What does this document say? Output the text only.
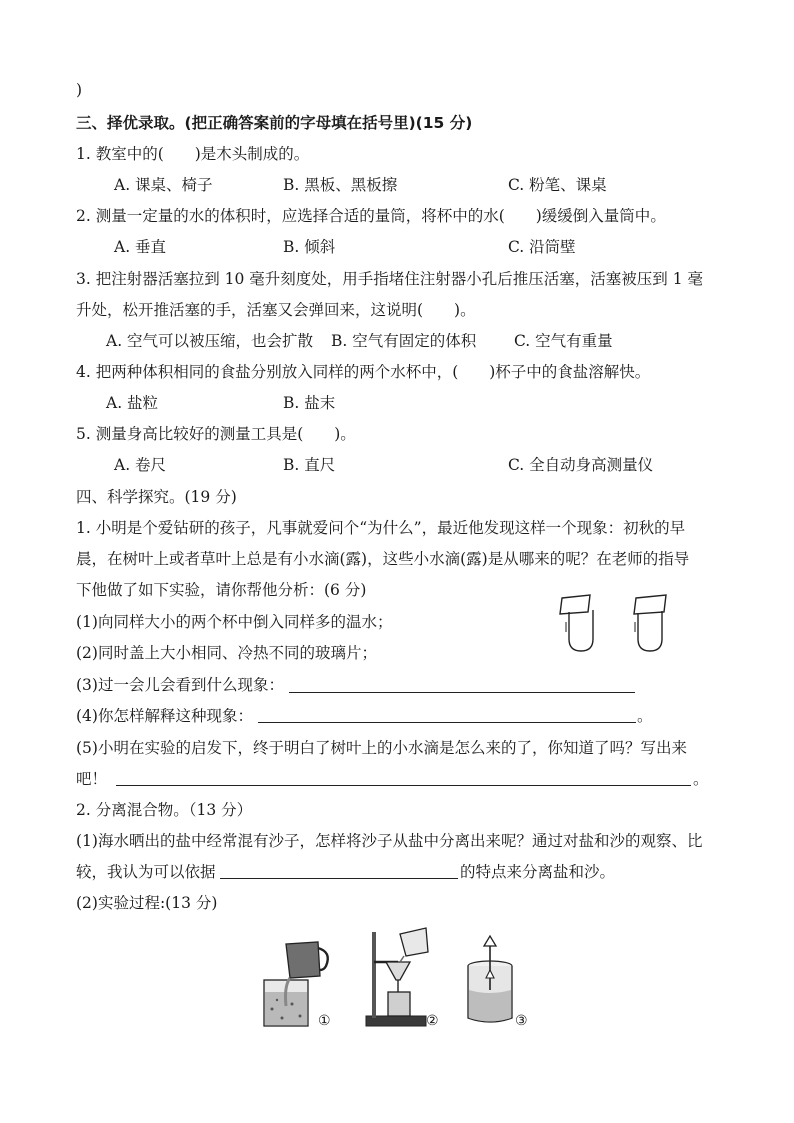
)
三、择优录取。(把正确答案前的字母填在括号里)(15 分)
1. 教室中的(　　)是木头制成的。
A. 课桌、椅子	B. 黑板、黑板擦	C. 粉笔、课桌
2. 测量一定量的水的体积时，应选择合适的量筒，将杯中的水(　　)缓缓倒入量筒中。
A. 垂直	B. 倾斜	C. 沿筒壁
3. 把注射器活塞拉到 10 毫升刻度处，用手指堵住注射器小孔后推压活塞，活塞被压到 1 毫
升处，松开推活塞的手，活塞又会弹回来，这说明(　　)。
A. 空气可以被压缩，也会扩散 B. 空气有固定的体积 C. 空气有重量
4. 把两种体积相同的食盐分别放入同样的两个水杯中，(　　)杯子中的食盐溶解快。
A. 盐粒	B. 盐末
5. 测量身高比较好的测量工具是(　　)。
A. 卷尺	B. 直尺	C. 全自动身高测量仪
四、科学探究。(19 分)
1. 小明是个爱钻研的孩子，凡事就爱问个“为什么”，最近他发现这样一个现象：初秋的早
晨，在树叶上或者草叶上总是有小水滴(露)，这些小水滴(露)是从哪来的呢？在老师的指导
下他做了如下实验，请你帮他分析：(6 分)
(1)向同样大小的两个杯中倒入同样多的温水；
(2)同时盖上大小相同、冷热不同的玻璃片；
(3)过一会儿会看到什么现象：
(4)你怎样解释这种现象：	。
(5)小明在实验的启发下，终于明白了树叶上的小水滴是怎么来的了，你知道了吗？写出来
吧！	。
2. 分离混合物。（13 分）
(1)海水晒出的盐中经常混有沙子，怎样将沙子从盐中分离出来呢？通过对盐和沙的观察、比
较，我认为可以依据	的特点来分离盐和沙。
(2)实验过程:(13 分)
①	②	③
